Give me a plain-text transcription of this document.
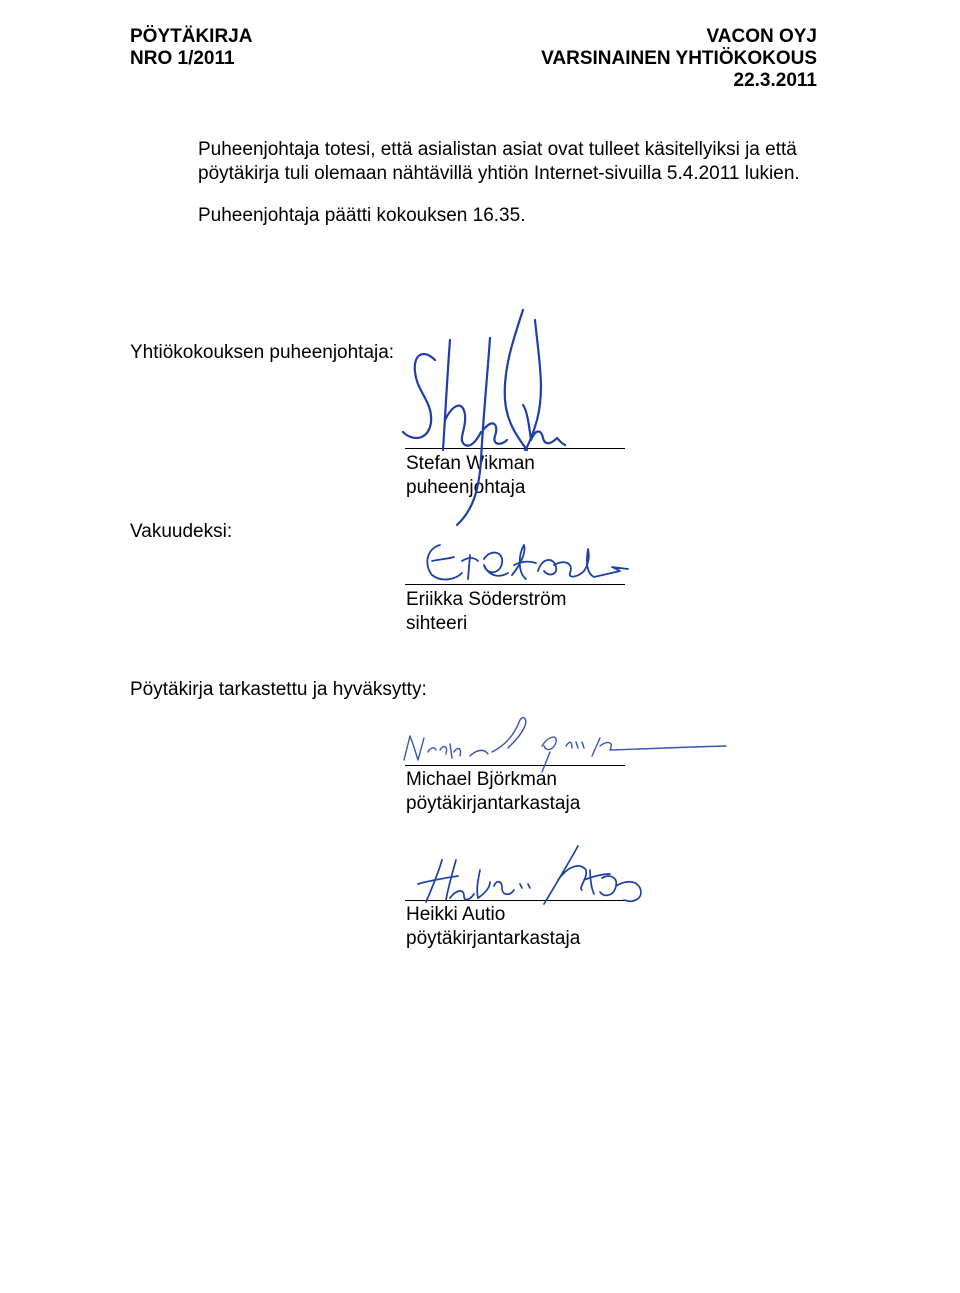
PÖYTÄKIRJA
NRO 1/2011
VACON OYJ
VARSINAINEN YHTIÖKOKOUS
22.3.2011
Puheenjohtaja totesi, että asialistan asiat ovat tulleet käsitellyiksi ja että
pöytäkirja tuli olemaan nähtävillä yhtiön Internet-sivuilla 5.4.2011 lukien.
Puheenjohtaja päätti kokouksen 16.35.
Yhtiökokouksen puheenjohtaja:
Vakuudeksi:
Pöytäkirja tarkastettu ja hyväksytty:
Stefan Wikman
puheenjohtaja
Eriikka Söderström
sihteeri
Michael Björkman
pöytäkirjantarkastaja
Heikki Autio
pöytäkirjantarkastaja
